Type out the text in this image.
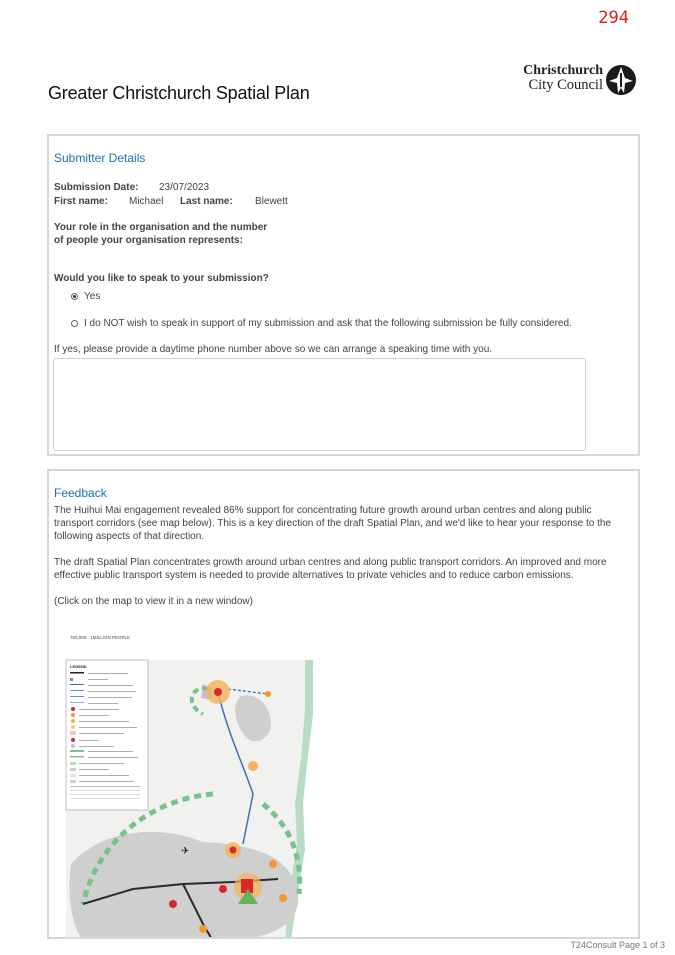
294
Greater Christchurch Spatial Plan
Christchurch
City Council
Submitter Details
Submission Date: 23/07/2023
First name: Michael Last name: Blewett
Your role in the organisation and the number
of people your organisation represents:
Would you like to speak to your submission?
Yes
I do NOT wish to speak in support of my submission and ask that the following submission be fully considered.
If yes, please provide a daytime phone number above so we can arrange a speaking time with you.
Feedback
The Huihui Mai engagement revealed 86% support for concentrating future growth around urban centres and along public
transport corridors (see map below). This is a key direction of the draft Spatial Plan, and we'd like to hear your response to the
following aspects of that direction.
The draft Spatial Plan concentrates growth around urban centres and along public transport corridors. An improved and more
effective public transport system is needed to provide alternatives to private vehicles and to reduce carbon emissions.
(Click on the map to view it in a new window)
700,000 - 1MILLION PEOPLE
✈
LEGEND
T24Consult Page 1 of 3
